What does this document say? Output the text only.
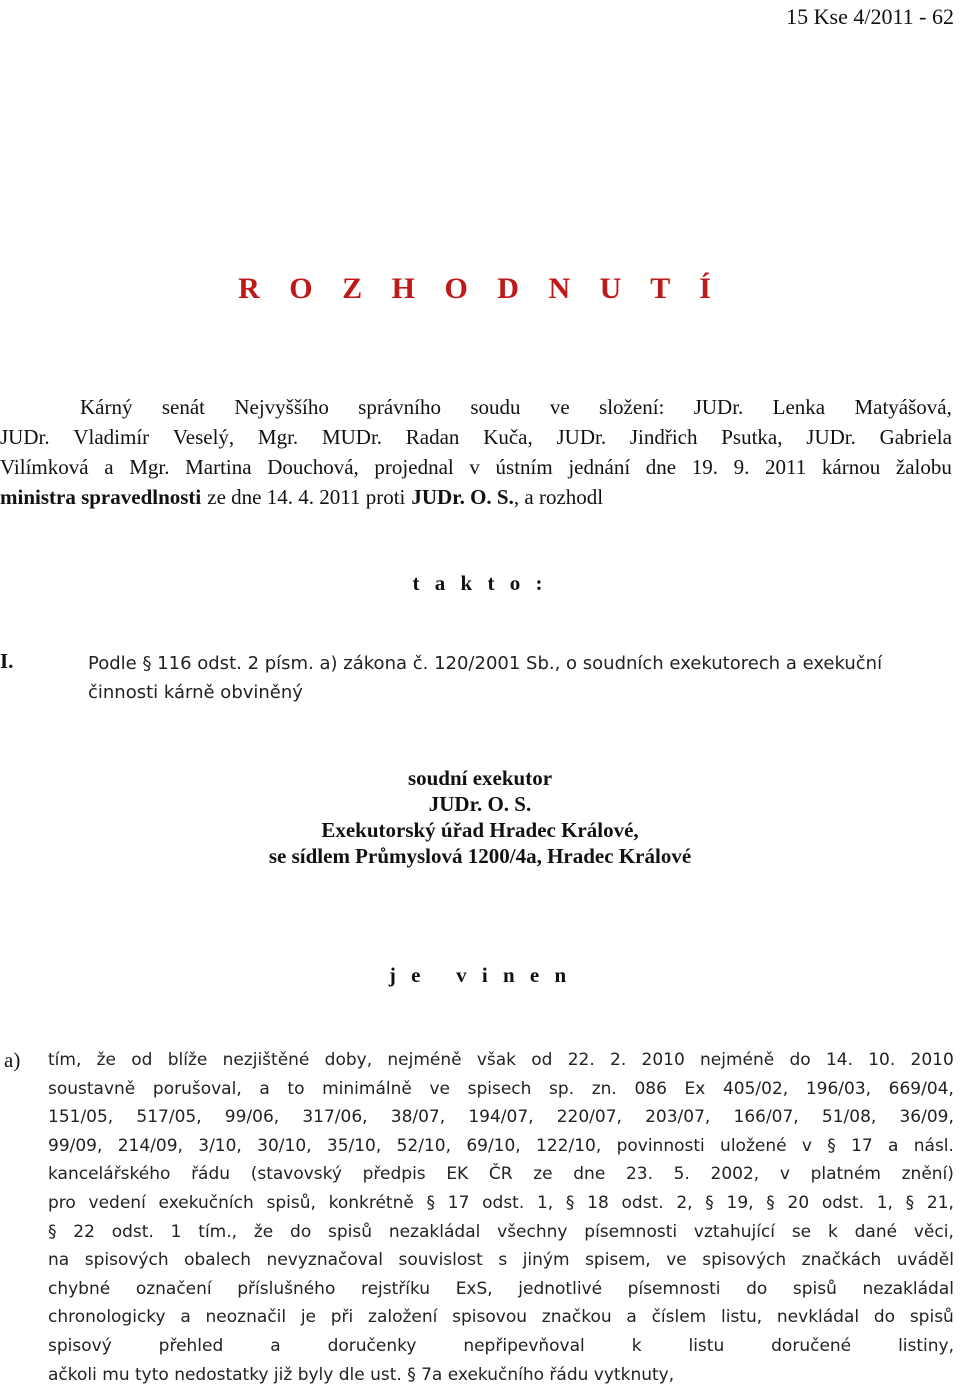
15 Kse 4/2011 - 62
R O Z H O D N U T Í
Kárný senát Nejvyššího správního soudu ve složení: JUDr. Lenka Matyášová,
JUDr. Vladimír Veselý, Mgr. MUDr. Radan Kuča, JUDr. Jindřich Psutka, JUDr. Gabriela
Vilímková a Mgr. Martina Douchová, projednal v ústním jednání dne 19. 9. 2011 kárnou žalobu
ministra spravedlnosti ze dne 14. 4. 2011 proti JUDr. O. S. , a rozhodl
t a k t o :
I.	Podle § 116 odst. 2 písm. a) zákona č. 120/2001 Sb., o soudních exekutorech a exekuční
činnosti kárně obviněný
soudní exekutor
JUDr. O. S.
Exekutorský úřad Hradec Králové,
se sídlem Průmyslová 1200/4a, Hradec Králové
j e   v i n e n
a) tím, že od blíže nezjištěné doby, nejméně však od 22. 2. 2010 nejméně do 14. 10. 2010
soustavně porušoval, a to minimálně ve spisech sp. zn. 086 Ex 405/02, 196/03, 669/04,
151/05, 517/05, 99/06, 317/06, 38/07, 194/07, 220/07, 203/07, 166/07, 51/08, 36/09,
99/09, 214/09, 3/10, 30/10, 35/10, 52/10, 69/10, 122/10, povinnosti uložené v § 17 a násl.
kancelářského řádu (stavovský předpis EK ČR ze dne 23. 5. 2002, v platném znění)
pro vedení exekučních spisů, konkrétně § 17 odst. 1, § 18 odst. 2, § 19, § 20 odst. 1, § 21,
§ 22 odst. 1 tím., že do spisů nezakládal všechny písemnosti vztahující se k dané věci,
na spisových obalech nevyznačoval souvislost s jiným spisem, ve spisových značkách uváděl
chybné označení příslušného rejstříku ExS, jednotlivé písemnosti do spisů nezakládal
chronologicky a neoznačil je při založení spisovou značkou a číslem listu, nevkládal do spisů
spisový	přehled	a	doručenky	nepřipevňoval	k	listu	doručené	listiny,
ačkoli mu tyto nedostatky již byly dle ust. § 7a exekučního řádu vytknuty,
